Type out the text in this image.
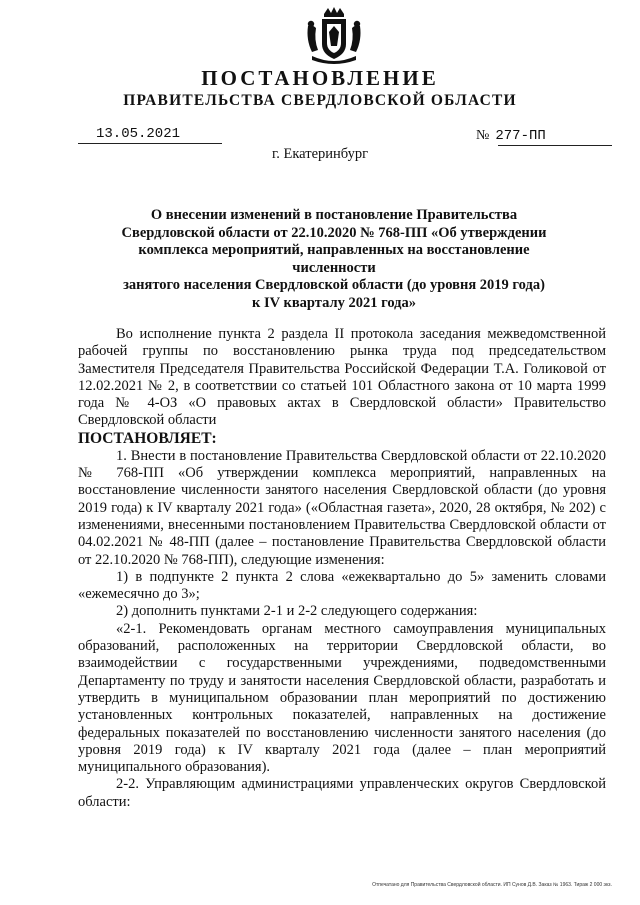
ПОСТАНОВЛЕНИЕ
ПРАВИТЕЛЬСТВА СВЕРДЛОВСКОЙ ОБЛАСТИ
13.05.2021	№ 277-ПП
г. Екатеринбург
О внесении изменений в постановление Правительства
Свердловской области от 22.10.2020 № 768-ПП «Об утверждении
комплекса мероприятий, направленных на восстановление численности
занятого населения Свердловской области (до уровня 2019 года)
к IV кварталу 2021 года»

Во исполнение пункта 2 раздела II протокола заседания межведомственной рабочей группы по восстановлению рынка труда под председательством Заместителя Председателя Правительства Российской Федерации Т.А. Голиковой от 12.02.2021 № 2, в соответствии со статьей 101 Областного закона от 10 марта 1999 года № 4-ОЗ «О правовых актах в Свердловской области» Правительство Свердловской области

ПОСТАНОВЛЯЕТ:

1. Внести в постановление Правительства Свердловской области от 22.10.2020 № 768-ПП «Об утверждении комплекса мероприятий, направленных на восстановление численности занятого населения Свердловской области (до уровня 2019 года) к IV кварталу 2021 года» («Областная газета», 2020, 28 октября, № 202) с изменениями, внесенными постановлением Правительства Свердловской области от 04.02.2021 № 48-ПП (далее – постановление Правительства Свердловской области от 22.10.2020 № 768-ПП), следующие изменения:

1) в подпункте 2 пункта 2 слова «ежеквартально до 5» заменить словами «ежемесячно до 3»;

2) дополнить пунктами 2-1 и 2-2 следующего содержания:

«2-1. Рекомендовать органам местного самоуправления муниципальных образований, расположенных на территории Свердловской области, во взаимодействии с государственными учреждениями, подведомственными Департаменту по труду и занятости населения Свердловской области, разработать и утвердить в муниципальном образовании план мероприятий по достижению установленных контрольных показателей, направленных на достижение федеральных показателей по восстановлению численности занятого населения (до уровня 2019 года) к IV кварталу 2021 года (далее – план мероприятий муниципального образования).

2-2. Управляющим администрациями управленческих округов Свердловской области:

Отпечатано для Правительства Свердловской области. ИП Сунов Д.В. Заказ № 1963. Тираж 2 000 экз.
